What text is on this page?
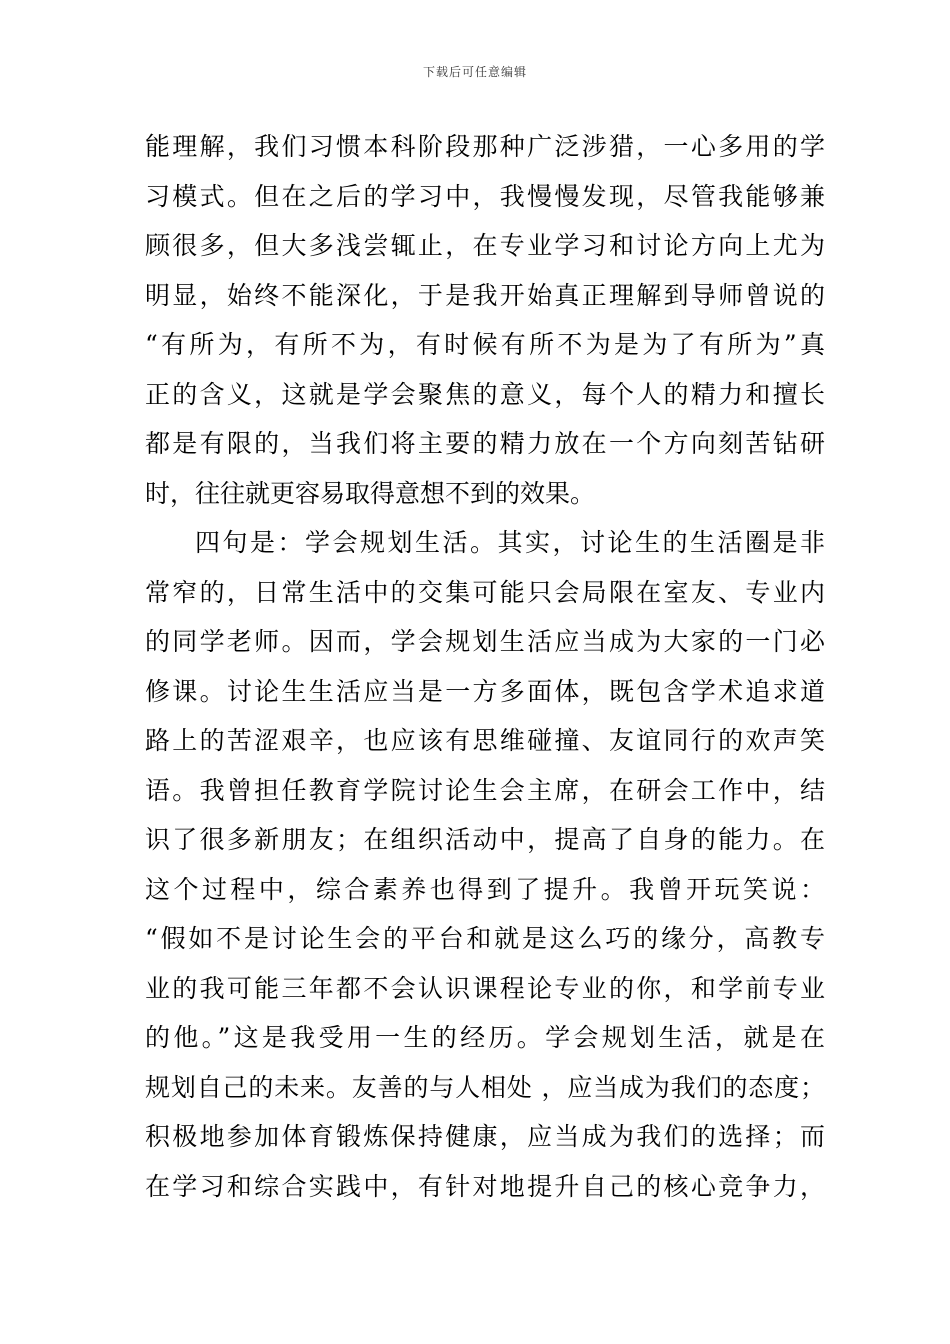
下载后可任意编辑
能理解，我们习惯本科阶段那种广泛涉猎，一心多用的学
习模式。但在之后的学习中，我慢慢发现，尽管我能够兼
顾很多，但大多浅尝辄止，在专业学习和讨论方向上尤为
明显，始终不能深化，于是我开始真正理解到导师曾说的
“有所为，有所不为，有时候有所不为是为了有所为”真
正的含义，这就是学会聚焦的意义，每个人的精力和擅长
都是有限的，当我们将主要的精力放在一个方向刻苦钻研
时，往往就更容易取得意想不到的效果。
四句是：学会规划生活。其实，讨论生的生活圈是非
常窄的，日常生活中的交集可能只会局限在室友、专业内
的同学老师。因而，学会规划生活应当成为大家的一门必
修课。讨论生生活应当是一方多面体，既包含学术追求道
路上的苦涩艰辛，也应该有思维碰撞、友谊同行的欢声笑
语。我曾担任教育学院讨论生会主席，在研会工作中，结
识了很多新朋友；在组织活动中，提高了自身的能力。在
这个过程中，综合素养也得到了提升。我曾开玩笑说：
“假如不是讨论生会的平台和就是这么巧的缘分，高教专
业的我可能三年都不会认识课程论专业的你，和学前专业
的他。”这是我受用一生的经历。学会规划生活，就是在
规划自己的未来。友善的与人相处 ，应当成为我们的态度；
积极地参加体育锻炼保持健康，应当成为我们的选择；而
在学习和综合实践中，有针对地提升自己的核心竞争力，
